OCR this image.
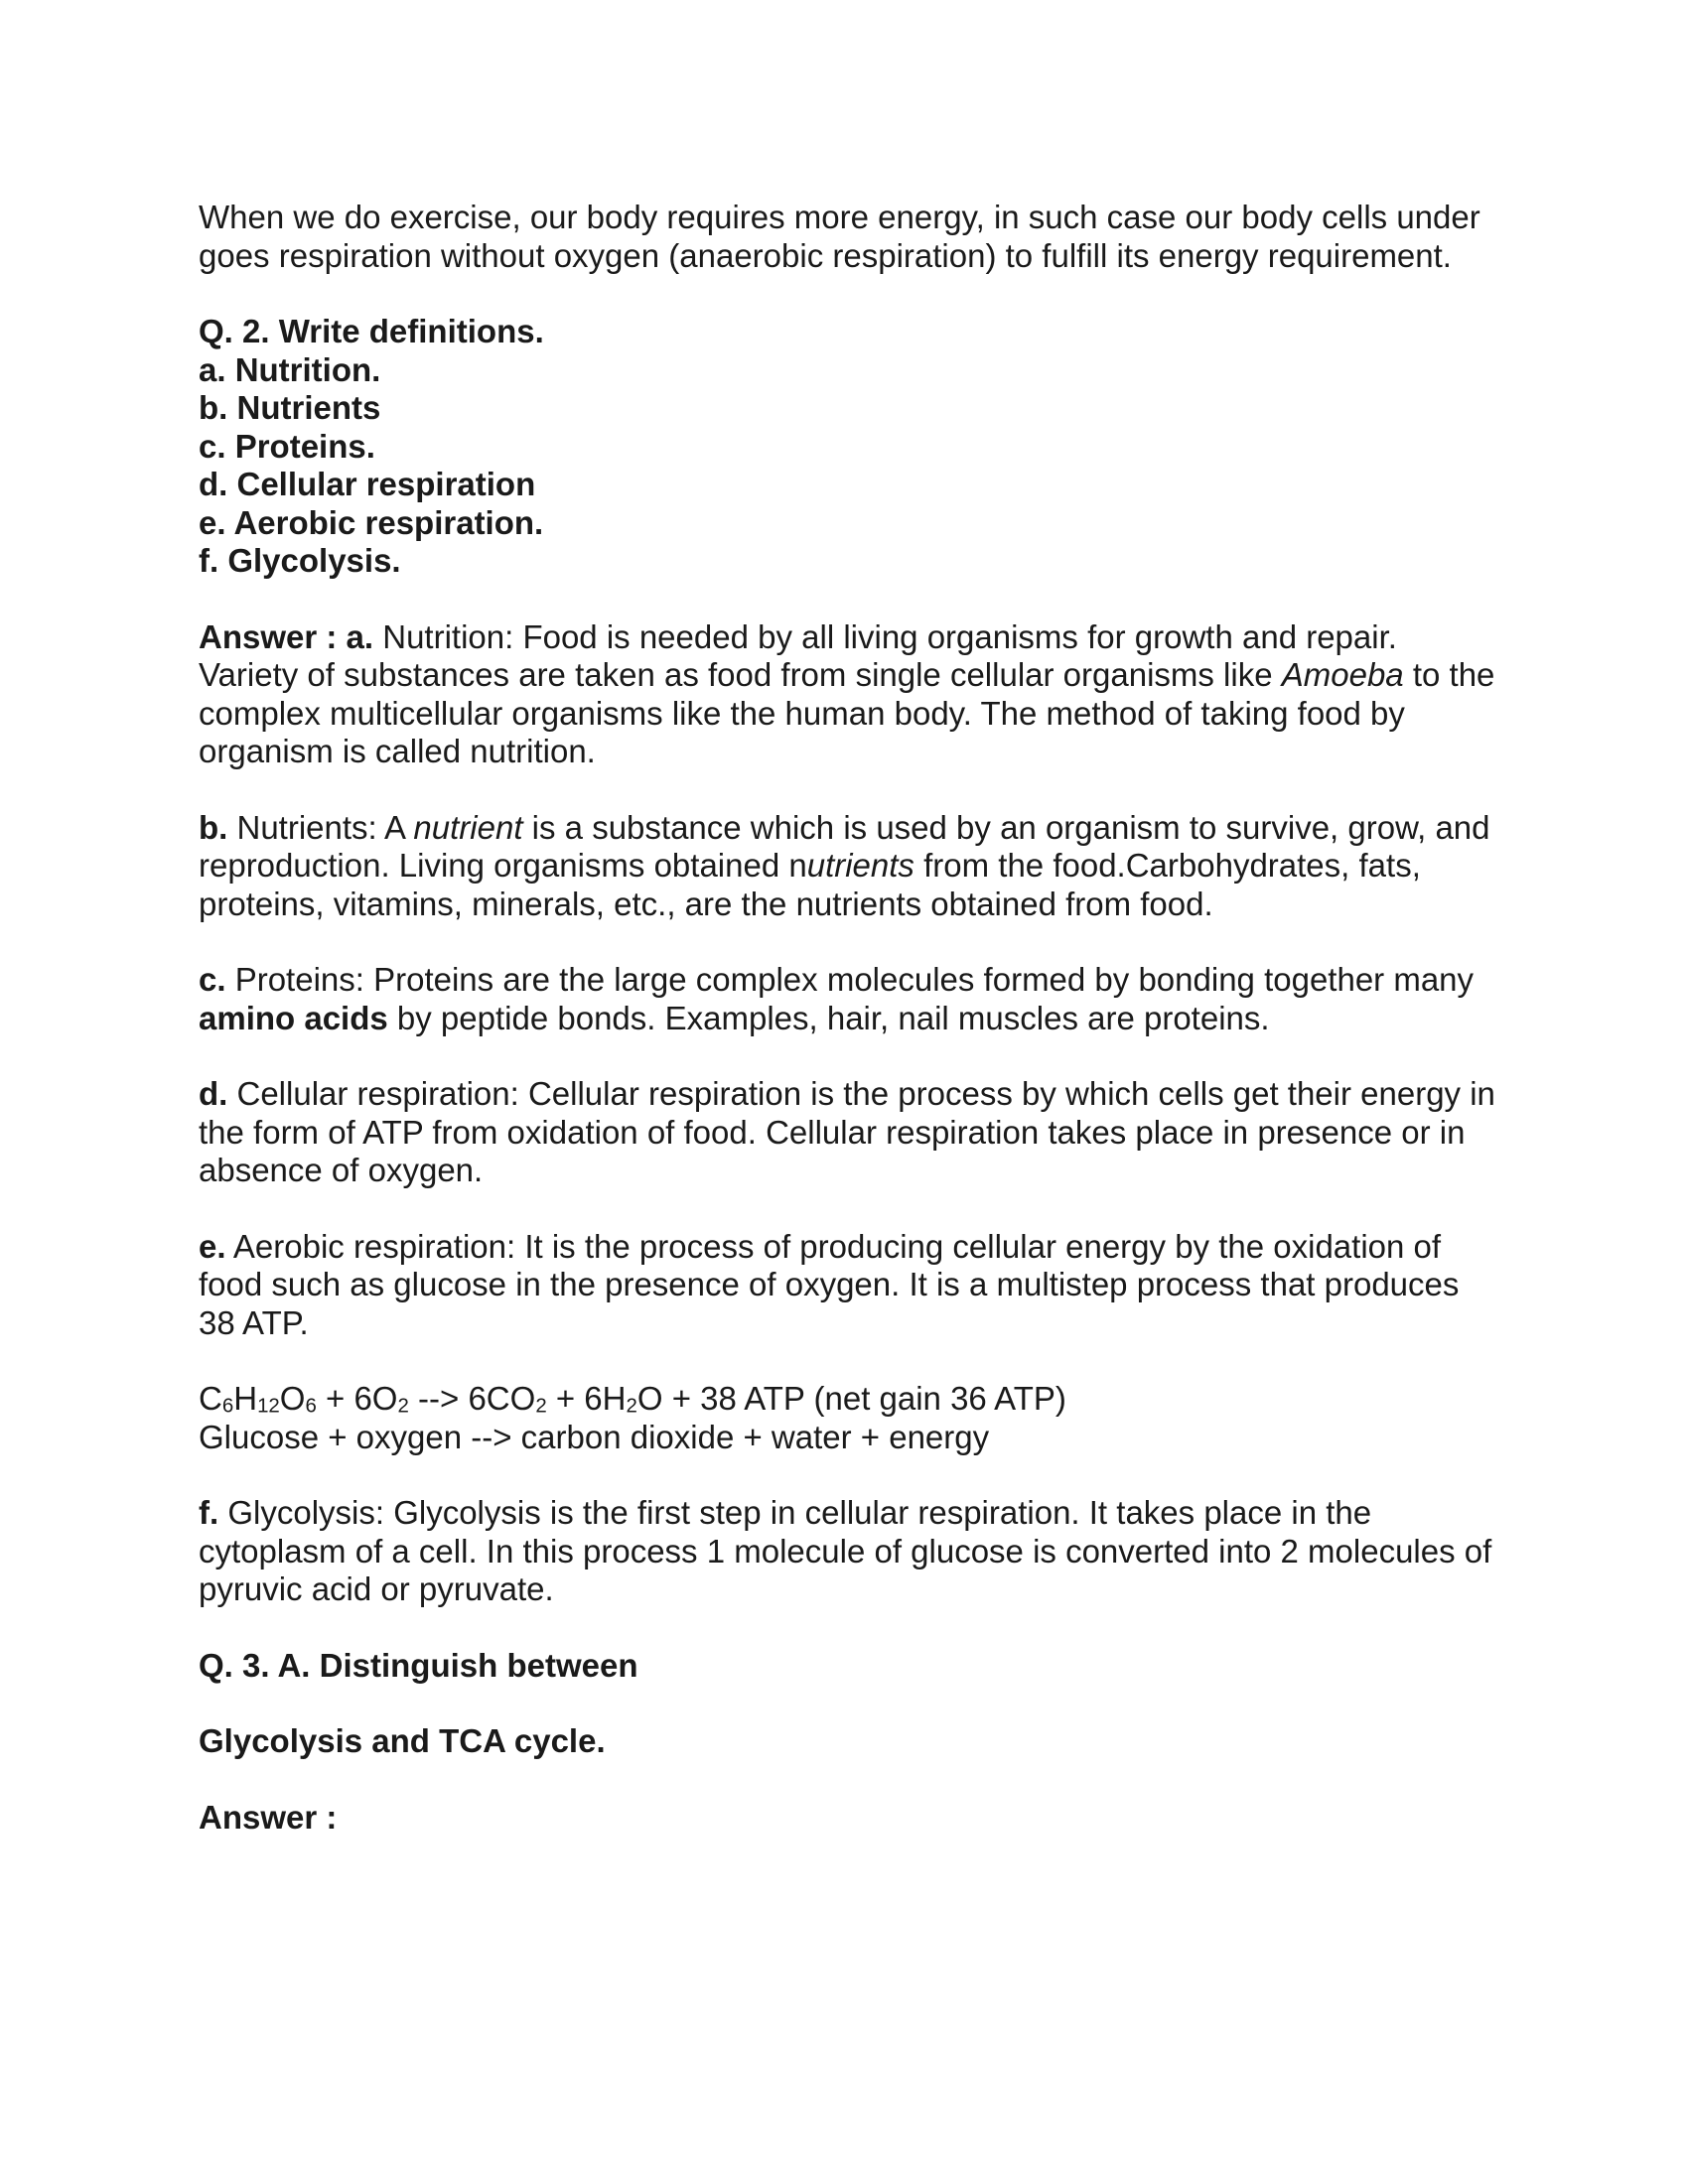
When we do exercise, our body requires more energy, in such case our body cells under goes respiration without oxygen (anaerobic respiration) to fulfill its energy requirement.

Q. 2. Write definitions.

a. Nutrition.

b. Nutrients

c. Proteins.

d. Cellular respiration

e. Aerobic respiration.

f. Glycolysis.

Answer : a. Nutrition: Food is needed by all living organisms for growth and repair. Variety of substances are taken as food from single cellular organisms like Amoeba to the complex multicellular organisms like the human body. The method of taking food by organism is called nutrition.

b. Nutrients: A nutrient is a substance which is used by an organism to survive, grow, and reproduction. Living organisms obtained nutrients from the food.Carbohydrates, fats, proteins, vitamins, minerals, etc., are the nutrients obtained from food.

c. Proteins: Proteins are the large complex molecules formed by bonding together many amino acids by peptide bonds. Examples, hair, nail muscles are proteins.

d. Cellular respiration: Cellular respiration is the process by which cells get their energy in the form of ATP from oxidation of food. Cellular respiration takes place in presence or in absence of oxygen.

e. Aerobic respiration: It is the process of producing cellular energy by the oxidation of food such as glucose in the presence of oxygen. It is a multistep process that produces 38 ATP.

$C_6H_{12}O_6 + 6O_2$ --> $6CO_2 + 6H_2O + 38$ ATP (net gain 36 ATP)

Glucose + oxygen --> carbon dioxide + water + energy

f. Glycolysis: Glycolysis is the first step in cellular respiration. It takes place in the cytoplasm of a cell. In this process 1 molecule of glucose is converted into 2 molecules of pyruvic acid or pyruvate.

Q. 3. A. Distinguish between

Glycolysis and TCA cycle.

Answer :
